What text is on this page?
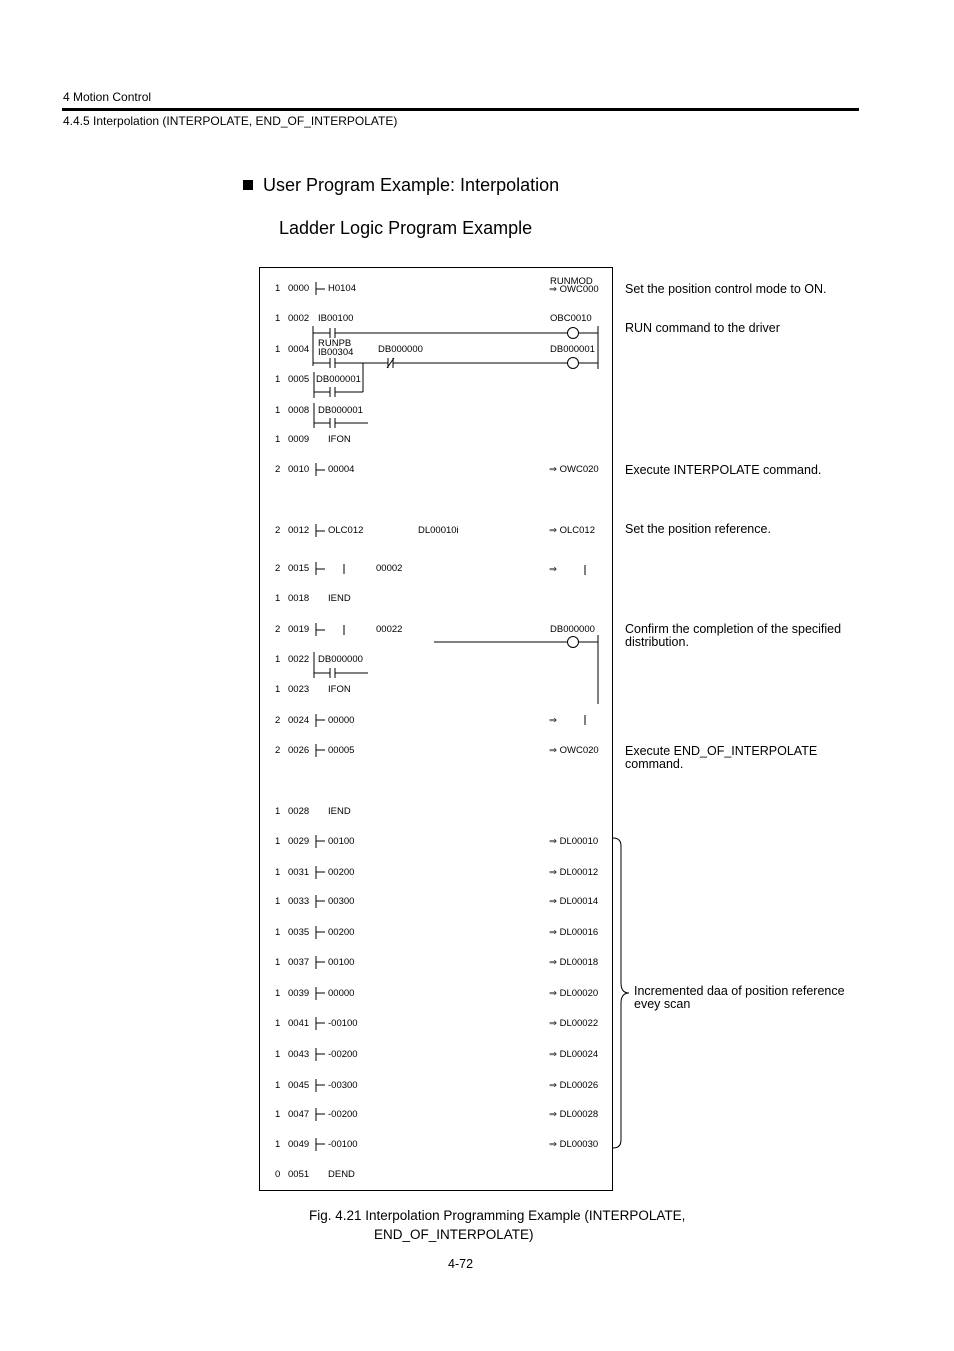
4 Motion Control
4.4.5 Interpolation (INTERPOLATE, END_OF_INTERPOLATE)
User Program Example: Interpolation
Ladder Logic Program Example
1 0000 H0104
RUNMOD
⇒ OWC000
1 0002 IB00100	OBC0010
1 0004
RUNPB
IB00304	DB000000	DB000001
1 0005 DB000001
1 0008 DB000001
1 0009 IFON
2 0010 00004	⇒ OWC020
2 0012 OLC012	DL00010i	⇒ OLC012
2 0015	00002	⇒
1 0018 IEND
2 0019	00022	DB000000
1 0022 DB000000
1 0023 IFON
2 0024 00000	⇒
2 0026 00005	⇒ OWC020
1 0028 IEND
1 0029 00100	⇒ DL00010
1 0031 00200	⇒ DL00012
1 0033 00300	⇒ DL00014
1 0035 00200	⇒ DL00016
1 0037 00100	⇒ DL00018
1 0039 00000	⇒ DL00020
1 0041 -00100	⇒ DL00022
1 0043 -00200	⇒ DL00024
1 0045 -00300	⇒ DL00026
1 0047 -00200	⇒ DL00028
1 0049 -00100	⇒ DL00030
0 0051 DEND
Set the position control mode to ON.
RUN command to the driver
Execute INTERPOLATE command.
Set the position reference.
Confirm the completion of the specified
distribution.
Execute END_OF_INTERPOLATE
command.
Incremented daa of position reference
evey scan
Fig. 4.21 Interpolation Programming Example (INTERPOLATE,
END_OF_INTERPOLATE)
4-72
